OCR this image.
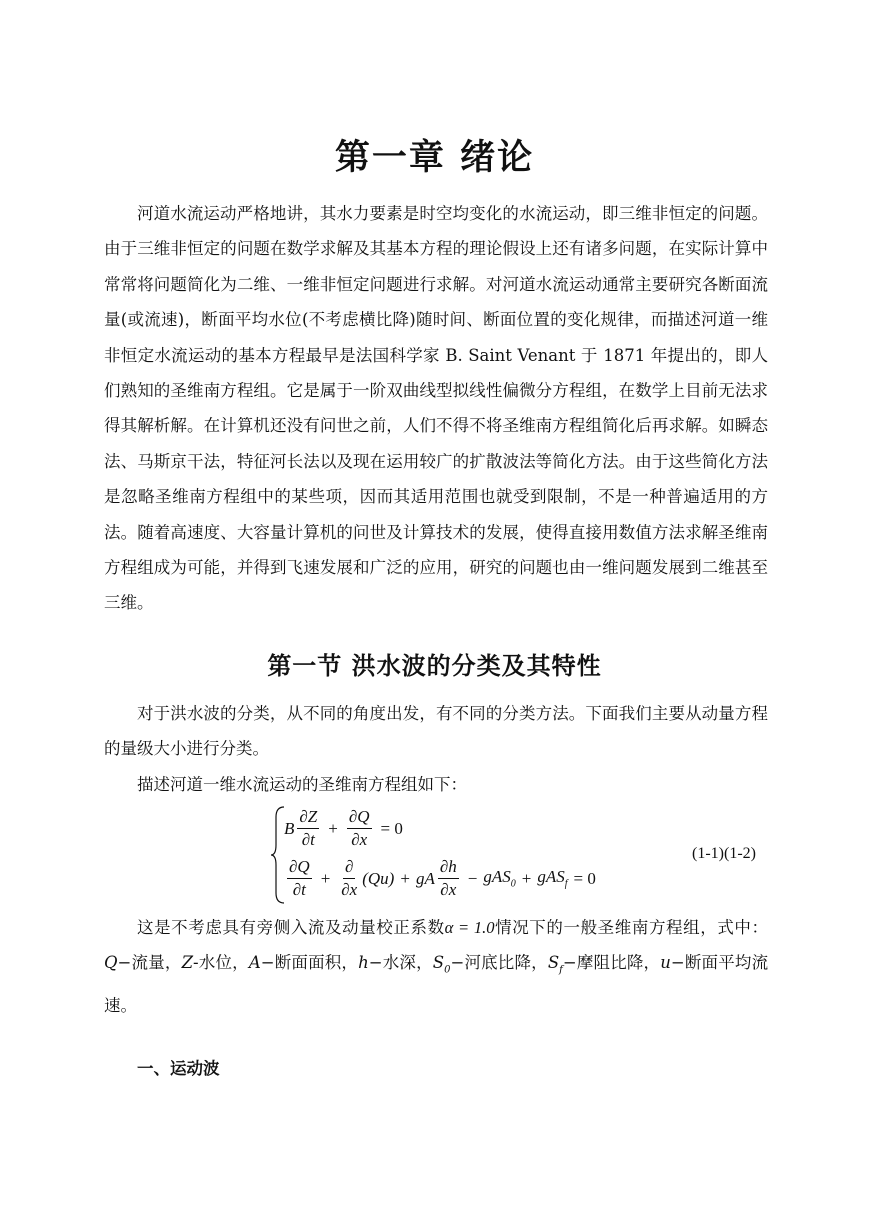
第一章 绪论

河道水流运动严格地讲，其水力要素是时空均变化的水流运动，即三维非恒定的问题。由于三维非恒定的问题在数学求解及其基本方程的理论假设上还有诸多问题，在实际计算中常常将问题简化为二维、一维非恒定问题进行求解。对河道水流运动通常主要研究各断面流量(或流速)，断面平均水位(不考虑横比降)随时间、断面位置的变化规律，而描述河道一维非恒定水流运动的基本方程最早是法国科学家 B. Saint Venant 于 1871 年提出的，即人们熟知的圣维南方程组。它是属于一阶双曲线型拟线性偏微分方程组，在数学上目前无法求得其解析解。在计算机还没有问世之前，人们不得不将圣维南方程组简化后再求解。如瞬态法、马斯京干法，特征河长法以及现在运用较广的扩散波法等简化方法。由于这些简化方法是忽略圣维南方程组中的某些项，因而其适用范围也就受到限制，不是一种普遍适用的方法。随着高速度、大容量计算机的问世及计算技术的发展，使得直接用数值方法求解圣维南方程组成为可能，并得到飞速发展和广泛的应用，研究的问题也由一维问题发展到二维甚至三维。

第一节 洪水波的分类及其特性

对于洪水波的分类，从不同的角度出发，有不同的分类方法。下面我们主要从动量方程的量级大小进行分类。

描述河道一维水流运动的圣维南方程组如下：

B $\frac{\partial Z}{\partial t} + \frac{\partial Q}{\partial x} = 0$
$\frac{\partial Q}{\partial t} + \frac{\partial}{\partial x} (Qu)$ + gA $\frac{\partial h}{\partial x} - gAS_0 + gAS_f = 0$
(1-1)(1-2)

这是不考虑具有旁侧入流及动量校正系数α = 1.0情况下的一般圣维南方程组，式中：Q−流量，Z-水位，A−断面面积，h−水深，$S_0-$河底比降，$S_f-$摩阻比降，u−断面平均流速。

一、运动波
